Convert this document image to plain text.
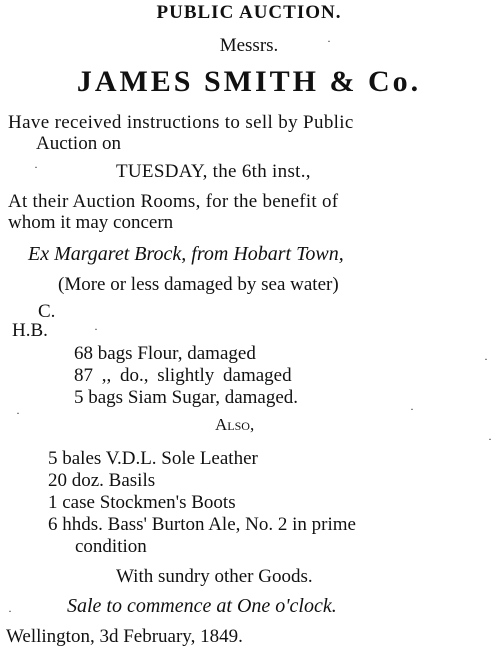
PUBLIC AUCTION.
Messrs.
JAMES SMITH & Co.
Have received instructions to sell by Public
Auction on
TUESDAY, the 6th inst.,
At their Auction Rooms, for the benefit of
whom it may concern
Ex Margaret Brock, from Hobart Town,
(More or less damaged by sea water)
C.
H.B.
68 bags Flour, damaged
87 ,, do., slightly damaged
5 bags Siam Sugar, damaged.
Also,
5 bales V.D.L. Sole Leather
20 doz. Basils
1 case Stockmen's Boots
6 hhds. Bass' Burton Ale, No. 2 in prime
condition
With sundry other Goods.
Sale to commence at One o'clock.
Wellington, 3d February, 1849.
·
·
·
·
·	·
·
·
